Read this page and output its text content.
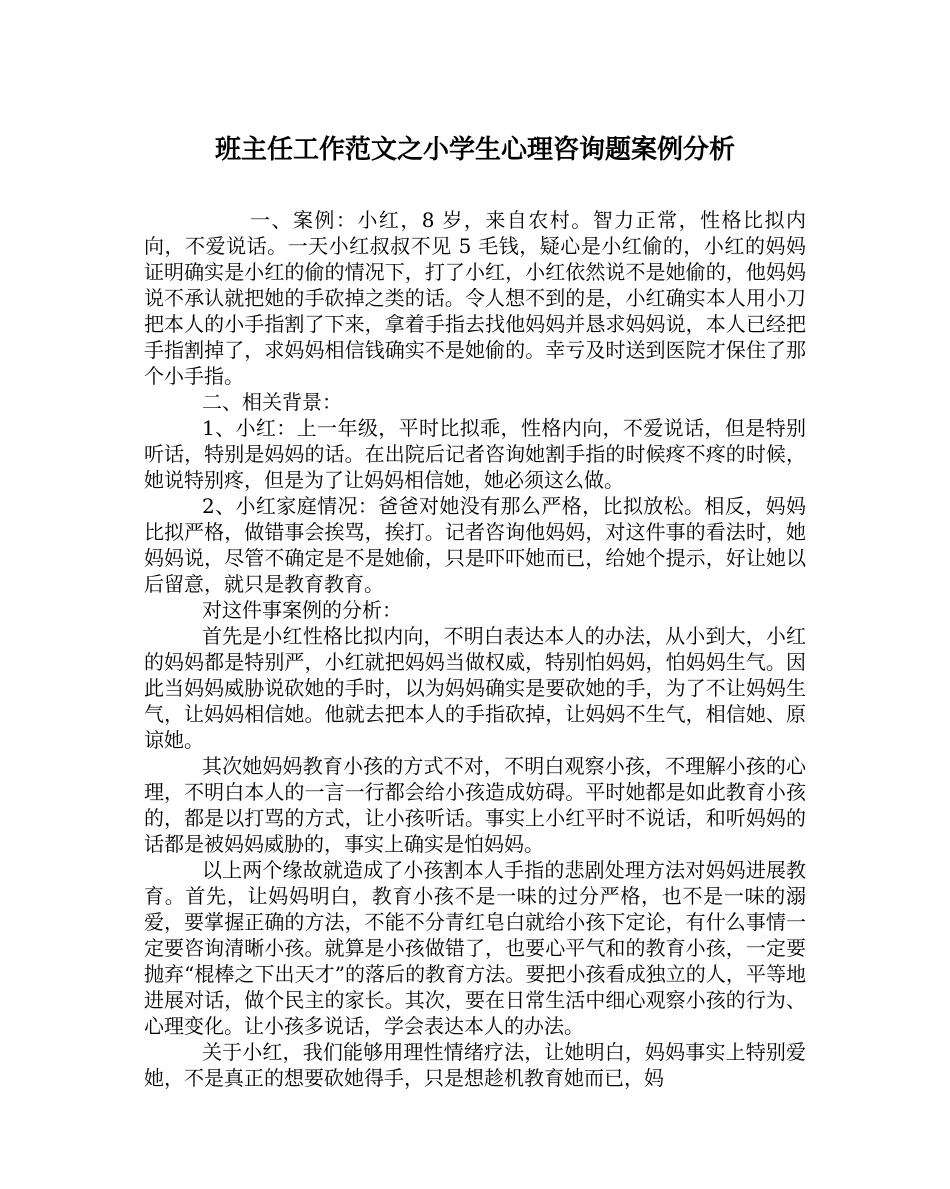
班主任工作范文之小学生心理咨询题案例分析

一、案例：小红，8 岁，来自农村。智力正常，性格比拟内向，不爱说话。一天小红叔叔不见 5 毛钱，疑心是小红偷的，小红的妈妈证明确实是小红的偷的情况下，打了小红，小红依然说不是她偷的，他妈妈说不承认就把她的手砍掉之类的话。令人想不到的是，小红确实本人用小刀把本人的小手指割了下来，拿着手指去找他妈妈并恳求妈妈说，本人已经把手指割掉了，求妈妈相信钱确实不是她偷的。幸亏及时送到医院才保住了那个小手指。

二、相关背景：

1、小红：上一年级，平时比拟乖，性格内向，不爱说话，但是特别听话，特别是妈妈的话。在出院后记者咨询她割手指的时候疼不疼的时候，她说特别疼，但是为了让妈妈相信她，她必须这么做。

2、小红家庭情况：爸爸对她没有那么严格，比拟放松。相反，妈妈比拟严格，做错事会挨骂，挨打。记者咨询他妈妈，对这件事的看法时，她妈妈说，尽管不确定是不是她偷，只是吓吓她而已，给她个提示，好让她以后留意，就只是教育教育。

对这件事案例的分析：

首先是小红性格比拟内向，不明白表达本人的办法，从小到大，小红的妈妈都是特别严，小红就把妈妈当做权威，特别怕妈妈，怕妈妈生气。因此当妈妈威胁说砍她的手时，以为妈妈确实是要砍她的手，为了不让妈妈生气，让妈妈相信她。他就去把本人的手指砍掉，让妈妈不生气，相信她、原谅她。

其次她妈妈教育小孩的方式不对，不明白观察小孩，不理解小孩的心理，不明白本人的一言一行都会给小孩造成妨碍。平时她都是如此教育小孩的，都是以打骂的方式，让小孩听话。事实上小红平时不说话，和听妈妈的话都是被妈妈威胁的，事实上确实是怕妈妈。

以上两个缘故就造成了小孩割本人手指的悲剧处理方法对妈妈进展教育。首先，让妈妈明白，教育小孩不是一味的过分严格，也不是一味的溺爱，要掌握正确的方法，不能不分青红皂白就给小孩下定论，有什么事情一定要咨询清晰小孩。就算是小孩做错了，也要心平气和的教育小孩，一定要抛弃“棍棒之下出天才”的落后的教育方法。要把小孩看成独立的人，平等地进展对话，做个民主的家长。其次，要在日常生活中细心观察小孩的行为、心理变化。让小孩多说话，学会表达本人的办法。

关于小红，我们能够用理性情绪疗法，让她明白，妈妈事实上特别爱她，不是真正的想要砍她得手，只是想趁机教育她而已，妈
